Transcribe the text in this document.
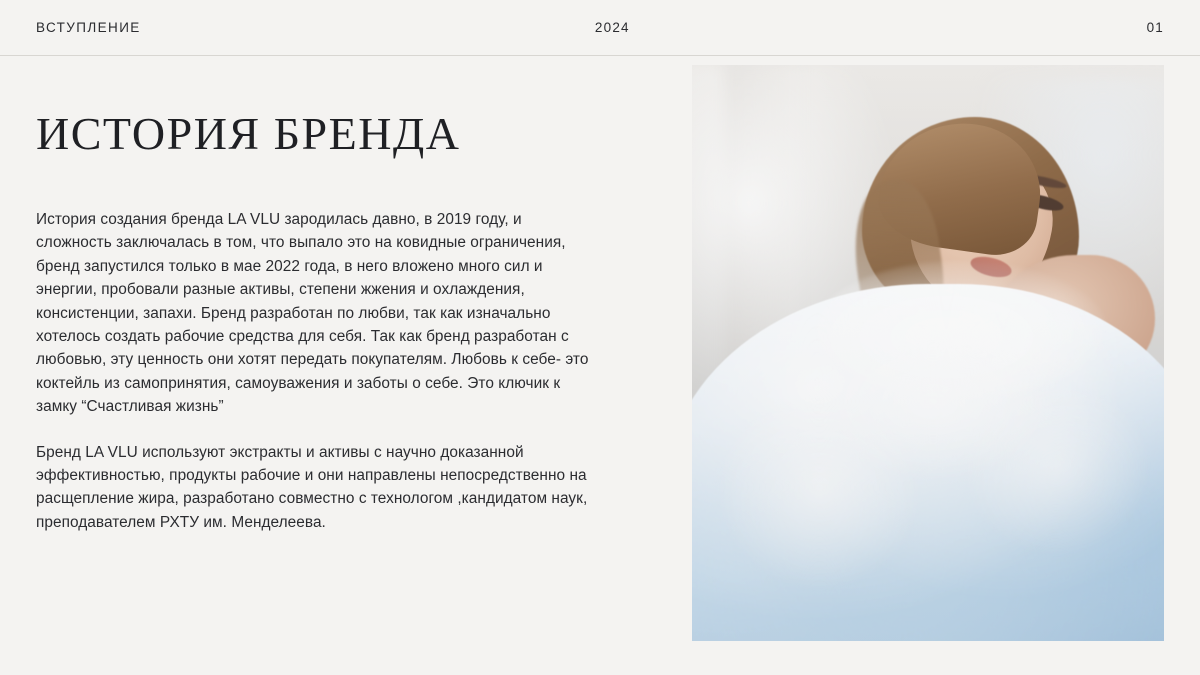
ВСТУПЛЕНИЕ	2024	01
ИСТОРИЯ БРЕНДА

История создания бренда LA VLU зародилась давно, в 2019 году, и сложность заключалась в том, что выпало это на ковидные ограничения, бренд запустился только в мае 2022 года, в него вложено много сил и энергии, пробовали разные активы, степени жжения и охлаждения, консистенции, запахи. Бренд разработан по любви, так как изначально хотелось создать рабочие средства для себя. Так как бренд разработан с любовью, эту ценность они хотят передать покупателям. Любовь к себе- это коктейль из самопринятия, самоуважения и заботы о себе. Это ключик к замку “Счастливая жизнь”

Бренд LA VLU используют экстракты и активы с научно доказанной эффективностью, продукты рабочие и они направлены непосредственно на расщепление жира, разработано совместно с технологом ,кандидатом наук, преподавателем РХТУ им. Менделеева.
